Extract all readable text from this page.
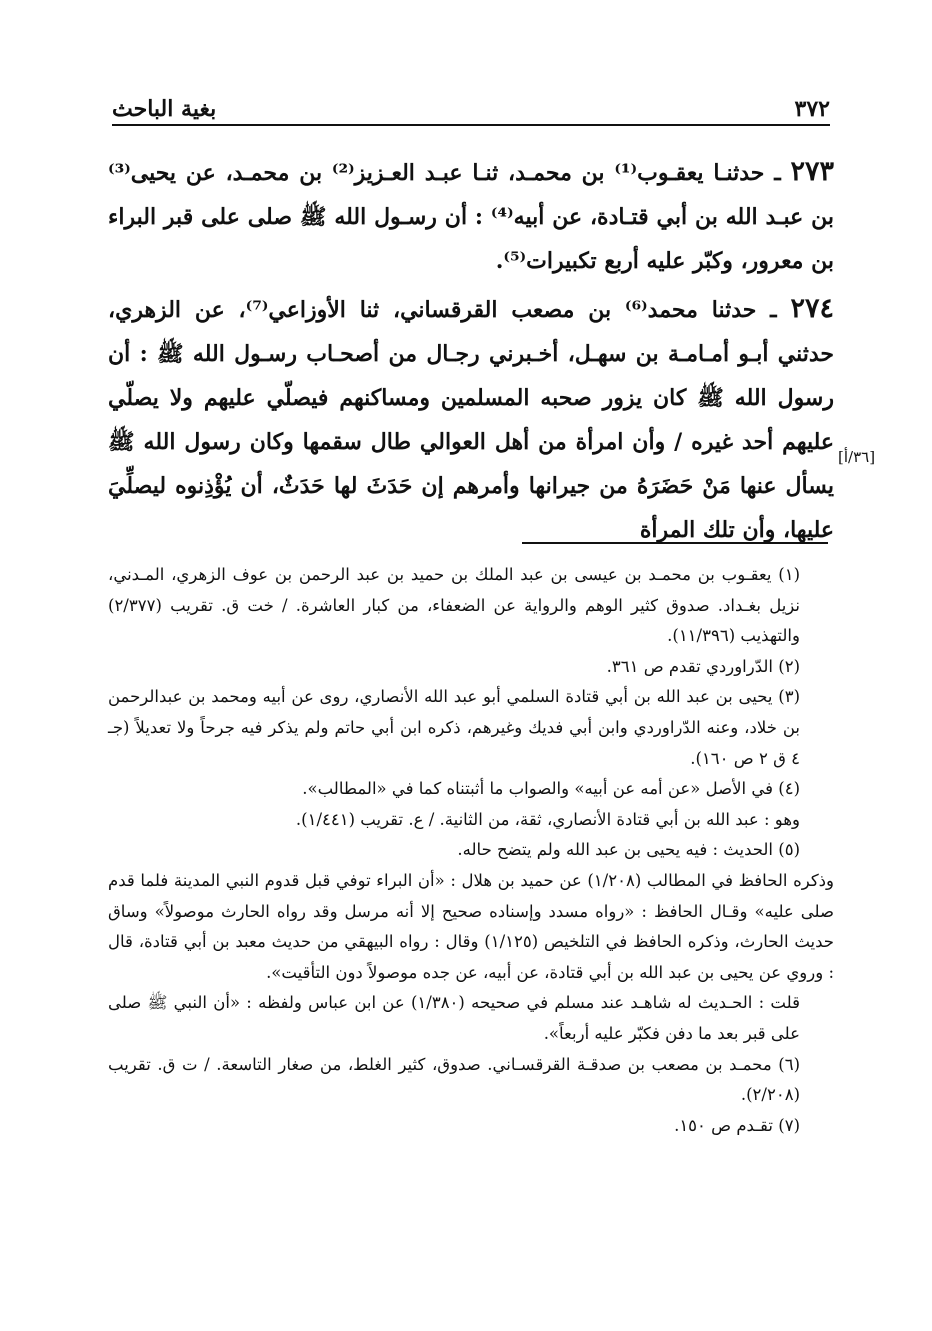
٣٧٢
بغية الباحث

٢٧٣ ـ حدثنـا يعقـوب⁽¹⁾ بن محمـد، ثنـا عبـد العـزيز⁽²⁾ بن محمـد، عن يحيى⁽³⁾ بن عبـد الله بن أبي قتـادة، عن أبيه⁽⁴⁾ : أن رسـول الله ﷺ صلى على قبر البراء بن معرور، وكبّر عليه أربع تكبيرات⁽⁵⁾.

٢٧٤ ـ حدثنا محمد⁽⁶⁾ بن مصعب القرقساني، ثنا الأوزاعي⁽⁷⁾، عن الزهري، حدثني أبـو أمـامـة بن سهـل، أخـبرني رجـال من أصحـاب رسـول الله ﷺ : أن رسول الله ﷺ كان يزور صحبه المسلمين ومساكنهم فيصلّي عليهم ولا يصلّي عليهم أحد غيره / وأن امرأة من أهل العوالي طال سقمها وكان رسول الله ﷺ يسأل عنها مَنْ حَضَرَهُ من جيرانها وأمرهم إن حَدَثَ لها حَدَثٌ، أن يُؤْذِنوه ليصلِّيَ عليها، وأن تلك المرأة

[٣٦/أ]

(١) يعقـوب بن محمـد بن عيسى بن عبد الملك بن حميد بن عبد الرحمن بن عوف الزهري، المـدني، نزيل بغـداد. صدوق كثير الوهم والرواية عن الضعفاء، من كبار العاشرة. / خت ق. تقريب (٢/٣٧٧) والتهذيب (١١/٣٩٦).

(٢) الدّراوردي تقدم ص ٣٦١.

(٣) يحيى بن عبد الله بن أبي قتادة السلمي أبو عبد الله الأنصاري، روى عن أبيه ومحمد بن عبدالرحمن بن خلاد، وعنه الدّراوردي وابن أبي فديك وغيرهم، ذكره ابن أبي حاتم ولم يذكر فيه جرحاً ولا تعديلاً (جـ ٤ ق ٢ ص ١٦٠).

(٤) في الأصل «عن أمه عن أبيه» والصواب ما أثبتناه كما في «المطالب».

وهو : عبد الله بن أبي قتادة الأنصاري، ثقة، من الثانية. / ع. تقريب (١/٤٤١).

(٥) الحديث : فيه يحيى بن عبد الله ولم يتضح حاله.

وذكره الحافظ في المطالب (١/٢٠٨) عن حميد بن هلال : «أن البراء توفي قبل قدوم النبي المدينة فلما قدم صلى عليه» وقـال الحافظ : «رواه مسدد وإسناده صحيح إلا أنه مرسل وقد رواه الحارث موصولاً» وساق حديث الحارث، وذكره الحافظ في التلخيص (١/١٢٥) وقال : رواه البيهقي من حديث معبد بن أبي قتادة، قال : وروي عن يحيى بن عبد الله بن أبي قتادة، عن أبيه، عن جده موصولاً دون التأقيت».

قلت : الحـديث له شاهـد عند مسلم في صحيحه (١/٣٨٠) عن ابن عباس ولفظه : «أن النبي ﷺ صلى على قبر بعد ما دفن فكبّر عليه أربعاً».

(٦) محمـد بن مصعب بن صدقـة القرقسـاني. صدوق، كثير الغلط، من صغار التاسعة. / ت ق. تقريب (٢/٢٠٨).

(٧) تقـدم ص ١٥٠.
